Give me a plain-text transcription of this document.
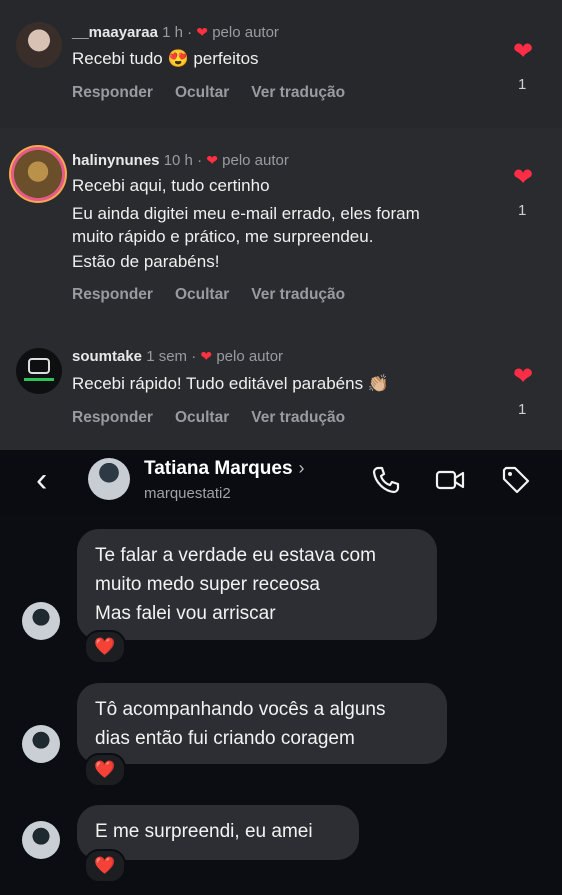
__maayaraa 1 h · ❤ pelo autor
Recebi tudo 😍 perfeitos
Responder Ocultar Ver tradução
❤
1
halinynunes 10 h · ❤ pelo autor
Recebi aqui, tudo certinho
Eu ainda digitei meu e-mail errado, eles foram
muito rápido e prático, me surpreendeu.
Estão de parabéns!
Responder Ocultar Ver tradução
❤
1
soumtake 1 sem · ❤ pelo autor
Recebi rápido! Tudo editável parabéns 👏🏼
Responder Ocultar Ver tradução
❤
1
‹	Tatiana Marques ›
marquestati2
Te falar a verdade eu estava com
muito medo super receosa
Mas falei vou arriscar
❤️
Tô acompanhando vocês a alguns
dias então fui criando coragem
❤️
E me surpreendi, eu amei
❤️
